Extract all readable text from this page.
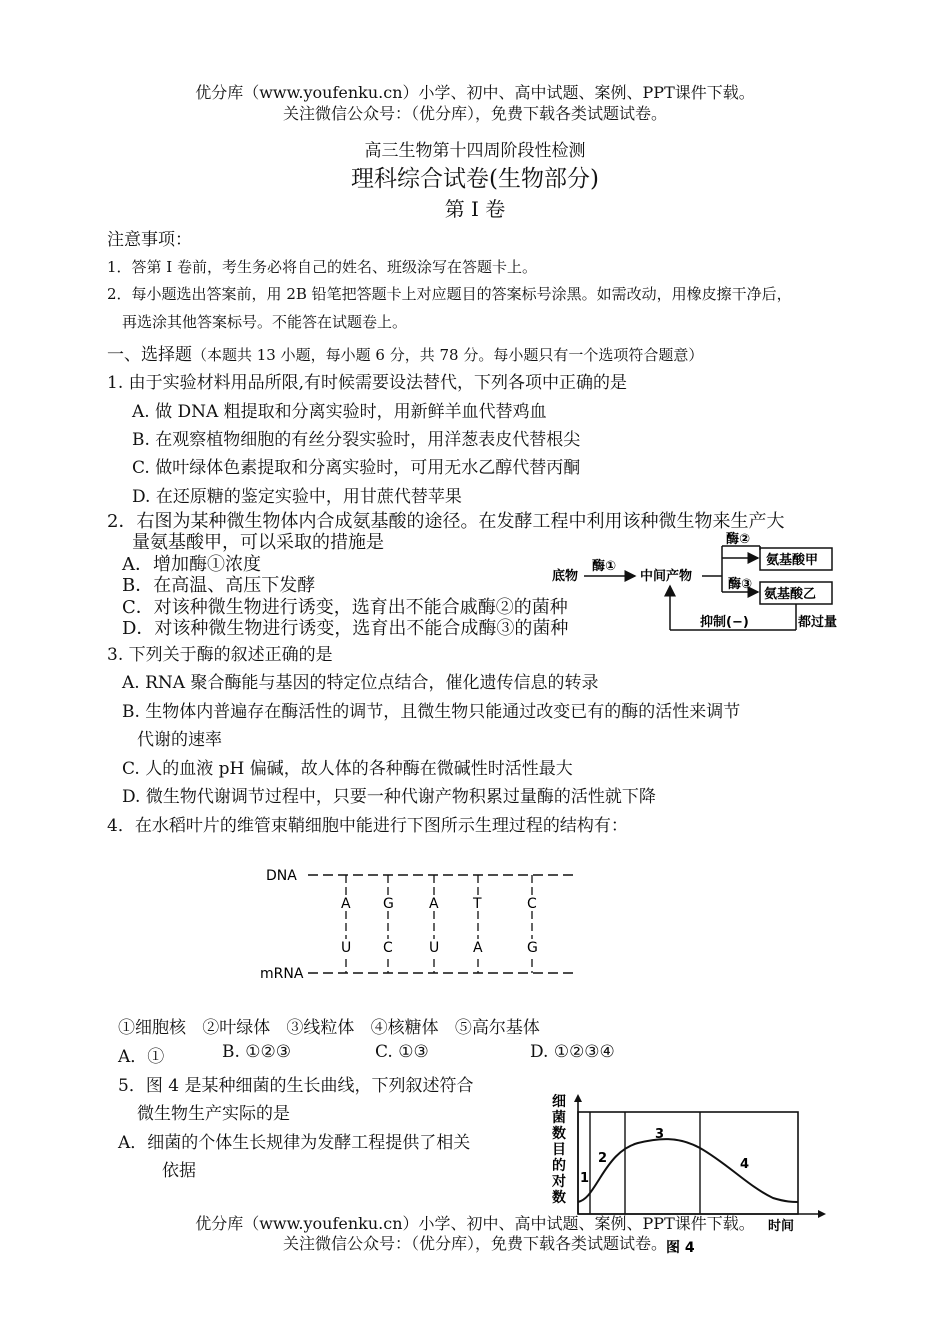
优分库（www.youfenku.cn）小学、初中、高中试题、案例、PPT课件下载。
关注微信公众号：（优分库），免费下载各类试题试卷。
高三生物第十四周阶段性检测
理科综合试卷(生物部分)
第 I 卷
注意事项：
1．答第 I 卷前，考生务必将自己的姓名、班级涂写在答题卡上。
2．每小题选出答案前，用 2B 铅笔把答题卡上对应题目的答案标号涂黑。如需改动，用橡皮擦干净后，
再选涂其他答案标号。不能答在试题卷上。
一、选择题（本题共 13 小题，每小题 6 分，共 78 分。每小题只有一个选项符合题意）
1. 由于实验材料用品所限,有时候需要设法替代，下列各项中正确的是
A. 做 DNA 粗提取和分离实验时，用新鲜羊血代替鸡血
B. 在观察植物细胞的有丝分裂实验时，用洋葱表皮代替根尖
C. 做叶绿体色素提取和分离实验时，可用无水乙醇代替丙酮
D. 在还原糖的鉴定实验中，用甘蔗代替苹果
2．右图为某种微生物体内合成氨基酸的途径。在发酵工程中利用该种微生物来生产大
量氨基酸甲，可以采取的措施是
A．增加酶①浓度
B．在高温、高压下发酵
C．对该种微生物进行诱变，选育出不能合戚酶②的菌种
D．对该种微生物进行诱变，选育出不能合成酶③的菌种
底物
酶①
中间产物
酶②
酶③
氨基酸甲
氨基酸乙
抑制(−)	都过量
3. 下列关于酶的叙述正确的是
A. RNA 聚合酶能与基因的特定位点结合，催化遗传信息的转录
B. 生物体内普遍存在酶活性的调节，且微生物只能通过改变已有的酶的活性来调节
代谢的速率
C. 人的血液 pH 偏碱，故人体的各种酶在微碱性时活性最大
D. 微生物代谢调节过程中，只要一种代谢产物积累过量酶的活性就下降
4．在水稻叶片的维管束鞘细胞中能进行下图所示生理过程的结构有：
DNA
mRNA
A
U
G
C
A
U
T
A
C
G
①细胞核   ②叶绿体   ③线粒体   ④核糖体   ⑤高尔基体
A．①	B. ①②③	C. ①③	D. ①②③④
5．图 4 是某种细菌的生长曲线，下列叙述符合
微生物生产实际的是
A．细菌的个体生长规律为发酵工程提供了相关
依据
细
菌
数
目
的
对
数
1
2
3
4
时间
图 4
优分库（www.youfenku.cn）小学、初中、高中试题、案例、PPT课件下载。
关注微信公众号：（优分库），免费下载各类试题试卷。
